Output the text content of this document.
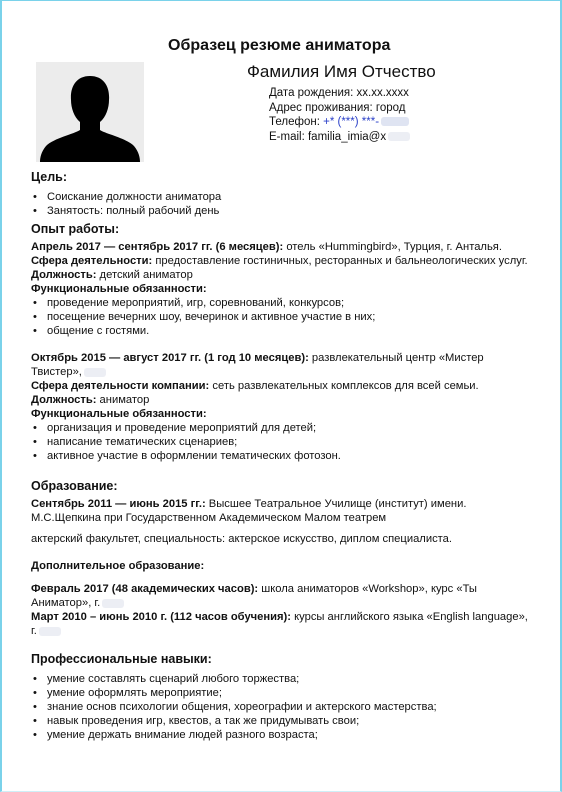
Образец резюме аниматора
Фамилия Имя Отчество
Дата рождения: хх.хх.хххх
Адрес проживания: город
Телефон: +* (***) ***-
E-mail: familia_imia@x

Цель:

• Соискание должности аниматора
• Занятость: полный рабочий день

Опыт работы:

Апрель 2017 — сентябрь 2017 гг. (6 месяцев): отель «Hummingbird», Турция, г. Анталья.

Сфера деятельности: предоставление гостиничных, ресторанных и бальнеологических услуг.

Должность: детский аниматор

Функциональные обязанности:

• проведение мероприятий, игр, соревнований, конкурсов;
• посещение вечерних шоу, вечеринок и активное участие в них;
• общение с гостями.

Октябрь 2015 — август 2017 гг. (1 год 10 месяцев): развлекательный центр «Мистер Твистер»,

Сфера деятельности компании: сеть развлекательных комплексов для всей семьи.

Должность: аниматор

Функциональные обязанности:

• организация и проведение мероприятий для детей;
• написание тематических сценариев;
• активное участие в оформлении тематических фотозон.

Образование:

Сентябрь 2011 — июнь 2015 гг.: Высшее Театральное Училище (институт) имени. М.С.Щепкина при Государственном Академическом Малом театрем

актерский факультет, специальность: актерское искусство, диплом специалиста.

Дополнительное образование:

Февраль 2017 (48 академических часов): школа аниматоров «Workshop», курс «Ты Аниматор», г.

Март 2010 – июнь 2010 г. (112 часов обучения): курсы английского языка «English language», г.

Профессиональные навыки:

• умение составлять сценарий любого торжества;
• умение оформлять мероприятие;
• знание основ психологии общения, хореографии и актерского мастерства;
• навык проведения игр, квестов, а так же придумывать свои;
• умение держать внимание людей разного возраста;
